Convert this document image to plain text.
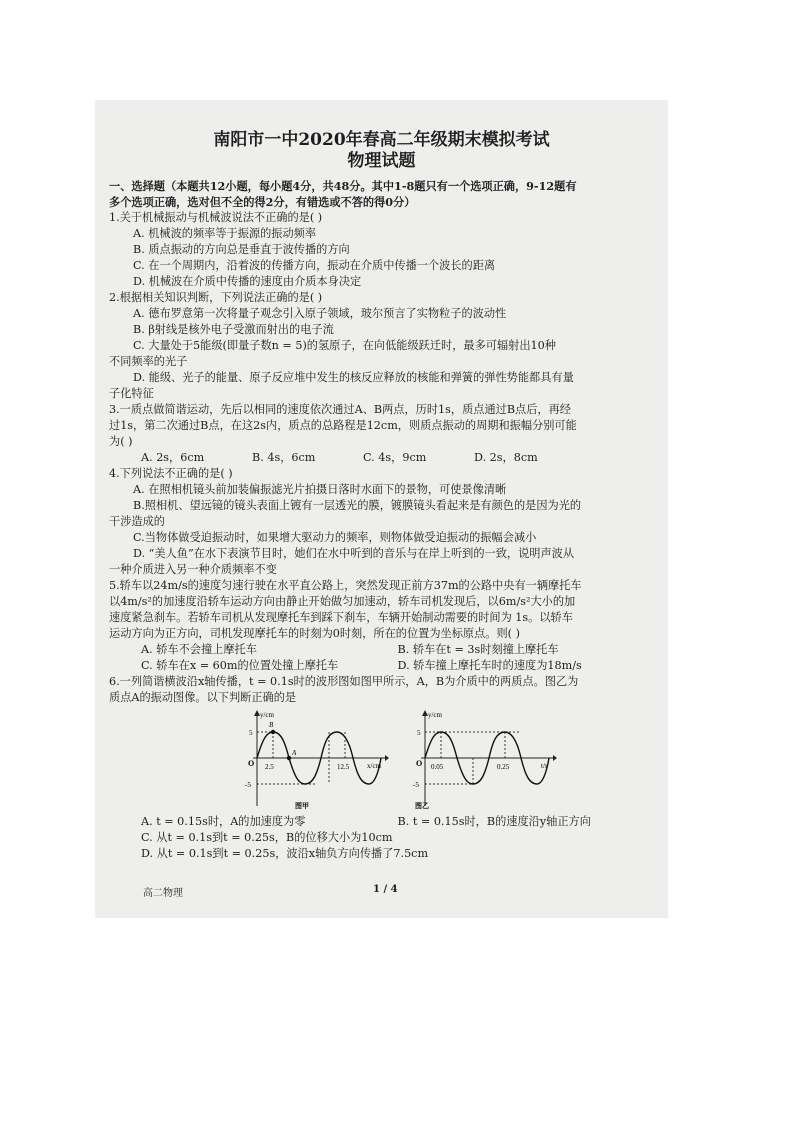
南阳市一中2020年春高二年级期末模拟考试

物理试题

一、选择题（本题共12小题，每小题4分，共48分。其中1-8题只有一个选项正确，9-12题有

多个选项正确，选对但不全的得2分，有错选或不答的得0分）

1.关于机械振动与机械波说法不正确的是( )

A. 机械波的频率等于振源的振动频率

B. 质点振动的方向总是垂直于波传播的方向

C. 在一个周期内，沿着波的传播方向，振动在介质中传播一个波长的距离

D. 机械波在介质中传播的速度由介质本身决定

2.根据相关知识判断，下列说法正确的是( )

A. 德布罗意第一次将量子观念引入原子领域，玻尔预言了实物粒子的波动性

B. β射线是核外电子受激而射出的电子流

C. 大量处于5能级(即量子数n = 5)的氢原子，在向低能级跃迁时，最多可辐射出10种

不同频率的光子

D. 能级、光子的能量、原子反应堆中发生的核反应释放的核能和弹簧的弹性势能都具有量

子化特征

3.一质点做简谐运动，先后以相同的速度依次通过A、B两点，历时1s，质点通过B点后，再经

过1s，第二次通过B点，在这2s内，质点的总路程是12cm，则质点振动的周期和振幅分别可能

为( )

A. 2s，6cm	B. 4s，6cm	C. 4s，9cm	D. 2s，8cm

4.下列说法不正确的是( )

A. 在照相机镜头前加装偏振滤光片拍摄日落时水面下的景物，可使景像清晰

B.照相机、望远镜的镜头表面上镀有一层透光的膜，镀膜镜头看起来是有颜色的是因为光的

干涉造成的

C.当物体做受迫振动时，如果增大驱动力的频率，则物体做受迫振动的振幅会减小

D. “美人鱼”在水下表演节目时，她们在水中听到的音乐与在岸上听到的一致，说明声波从

一种介质进入另一种介质频率不变

5.轿车以24m/s的速度匀速行驶在水平直公路上，突然发现正前方37m的公路中央有一辆摩托车

以4m/s²的加速度沿轿车运动方向由静止开始做匀加速动，轿车司机发现后，以6m/s²大小的加

速度紧急刹车。若轿车司机从发现摩托车到踩下刹车，车辆开始制动需要的时间为 1s。以轿车

运动方向为正方向，司机发现摩托车的时刻为0时刻，所在的位置为坐标原点。则( )

A. 轿车不会撞上摩托车	B. 轿车在t = 3s时刻撞上摩托车
C. 轿车在x = 60m的位置处撞上摩托车	D. 轿车撞上摩托车时的速度为18m/s

6.一列简谐横波沿x轴传播，t = 0.1s时的波形图如图甲所示，A，B为介质中的两质点。图乙为

质点A的振动图像。以下判断正确的是

y/cm
x/cm
O
5
-5
2.5	12.5
A
B
图甲
y/cm
t/s
O
5
-5
0.05	0.25
图乙
A. t = 0.15s时，A的加速度为零	B. t = 0.15s时，B的速度沿y轴正方向

C. 从t = 0.1s到t = 0.25s，B的位移大小为10cm

D. 从t = 0.1s到t = 0.25s，波沿x轴负方向传播了7.5cm

高二物理	1 / 4
